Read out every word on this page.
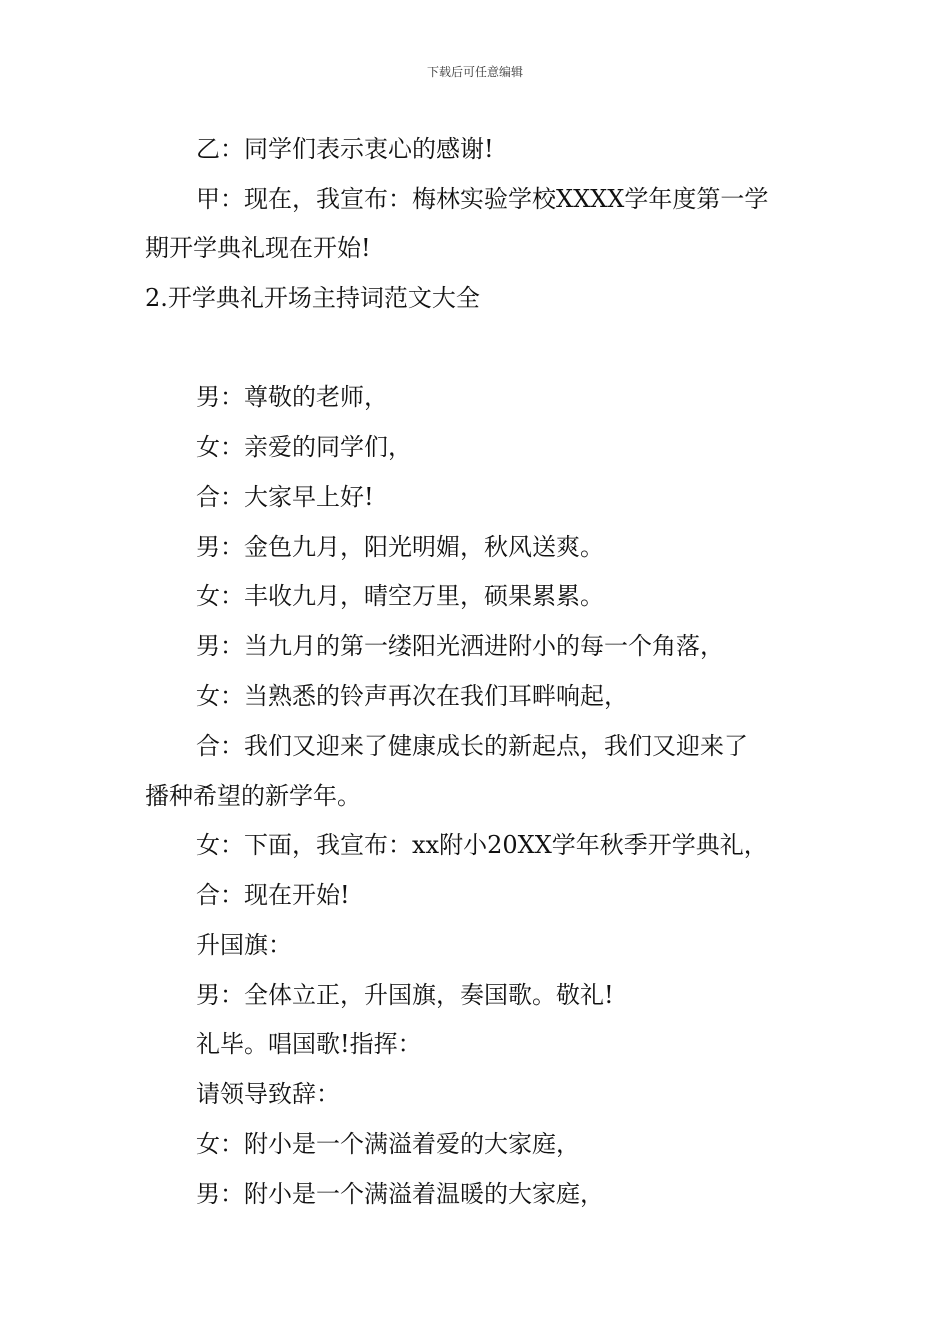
下载后可任意编辑
乙：同学们表示衷心的感谢!
甲：现在，我宣布：梅林实验学校XXXX学年度第一学
期开学典礼现在开始!
2.开学典礼开场主持词范文大全
男：尊敬的老师，
女：亲爱的同学们，
合：大家早上好!
男：金色九月，阳光明媚，秋风送爽。
女：丰收九月，晴空万里，硕果累累。
男：当九月的第一缕阳光洒进附小的每一个角落，
女：当熟悉的铃声再次在我们耳畔响起，
合：我们又迎来了健康成长的新起点，我们又迎来了
播种希望的新学年。
女：下面，我宣布：xx附小20XX学年秋季开学典礼，
合：现在开始!
升国旗：
男：全体立正，升国旗，奏国歌。敬礼!
礼毕。唱国歌!指挥：
请领导致辞：
女：附小是一个满溢着爱的大家庭，
男：附小是一个满溢着温暖的大家庭，
